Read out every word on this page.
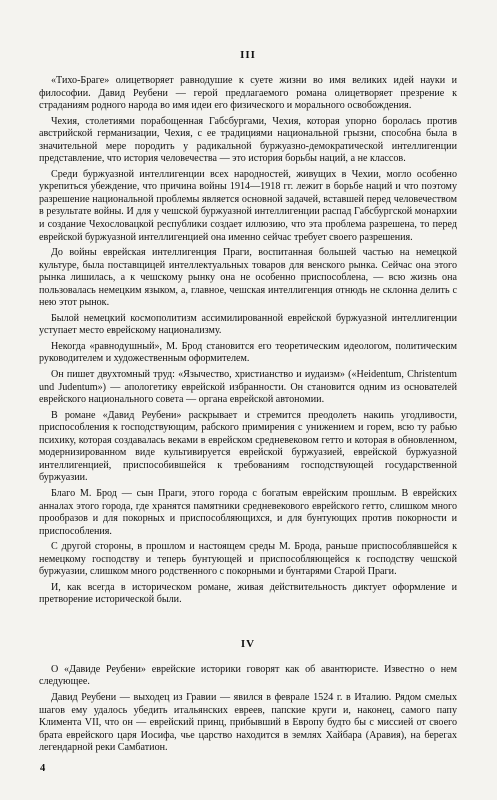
III

«Тихо-Браге» олицетворяет равнодушие к суете жизни во имя великих идей науки и философии. Давид Реубени — герой предлагаемого романа олицетворяет презрение к страданиям родного народа во имя идеи его физического и морального освобождения.

Чехия, столетиями порабощенная Габсбургами, Чехия, которая упорно боролась против австрийской германизации, Чехия, с ее традициями национальной грызни, способна была в значительной мере породить у радикальной буржуазно-демократической интеллигенции представление, что история человечества — это история борьбы наций, а не классов.

Среди буржуазной интеллигенции всех народностей, живущих в Чехии, могло особенно укрепиться убеждение, что причина войны 1914—1918 гг. лежит в борьбе наций и что поэтому разрешение национальной проблемы является основной задачей, вставшей перед человечеством в результате войны. И для у чешской буржуазной интеллигенции распад Габсбургской монархии и создание Чехословацкой республики создает иллюзию, что эта проблема разрешена, то перед еврейской буржуазной интеллигенцией она именно сейчас требует своего разрешения.

До войны еврейская интеллигенция Праги, воспитанная большей частью на немецкой культуре, была поставщицей интеллектуальных товаров для венского рынка. Сейчас она этого рынка лишилась, а к чешскому рынку она не особенно приспособлена, — всю жизнь она пользовалась немецким языком, а, главное, чешская интеллигенция отнюдь не склонна делить с нею этот рынок.

Былой немецкий космополитизм ассимилированной еврейской буржуазной интеллигенции уступает место еврейскому национализму.

Некогда «равнодушный», М. Брод становится его теоретическим идеологом, политическим руководителем и художественным оформителем.

Он пишет двухтомный труд: «Язычество, христианство и иудаизм» («Heidentum, Christentum und Judentum») — апологетику еврейской избранности. Он становится одним из основателей еврейского национального совета — органа еврейской автономии.

В романе «Давид Реубени» раскрывает и стремится преодолеть накипь угодливости, приспособления к господствующим, рабского примирения с унижением и горем, всю ту рабью психику, которая создавалась веками в еврейском средневековом гетто и которая в обновленном, модернизированном виде культивируется еврейской буржуазией, еврейской буржуазной интеллигенцией, приспособившейся к требованиям господствующей государственной буржуазии.

Благо М. Брод — сын Праги, этого города с богатым еврейским прошлым. В еврейских анналах этого города, где хранятся памятники средневекового еврейского гетто, слишком много прообразов и для покорных и приспособляющихся, и для бунтующих против покорности и приспособления.

С другой стороны, в прошлом и настоящем среды М. Брода, раньше приспособлявшейся к немецкому господству и теперь бунтующей и приспособляющейся к господству чешской буржуазии, слишком много родственного с покорными и бунтарями Старой Праги.

И, как всегда в историческом романе, живая действительность диктует оформление и претворение исторической были.

IV

О «Давиде Реубени» еврейские историки говорят как об авантюристе. Известно о нем следующее.

Давид Реубени — выходец из Гравии — явился в феврале 1524 г. в Италию. Рядом смелых шагов ему удалось убедить итальянских евреев, папские круги и, наконец, самого папу Климента VII, что он — еврейский принц, прибывший в Европу будто бы с миссией от своего брата еврейского царя Иосифа, чье царство находится в землях Хайбара (Аравия), на берегах легендарной реки Самбатион.

4
